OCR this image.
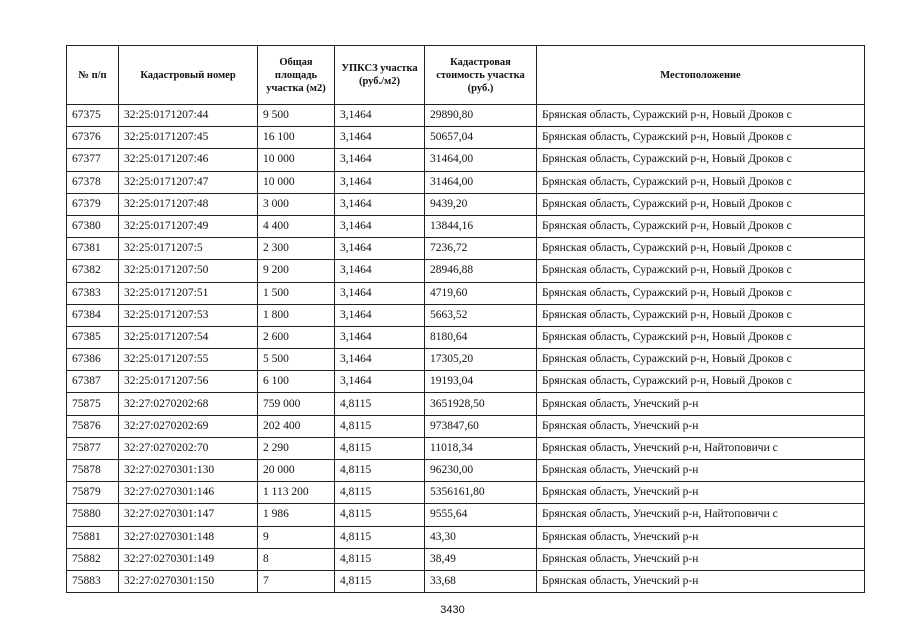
№ п/п	Кадастровый номер	Общая площадь участка (м2)	УПКСЗ участка (руб./м2)	Кадастровая стоимость участка (руб.)	Местоположение
67375	32:25:0171207:44	9 500	3,1464	29890,80	Брянская область, Суражский р-н, Новый Дроков с
67376	32:25:0171207:45	16 100	3,1464	50657,04	Брянская область, Суражский р-н, Новый Дроков с
67377	32:25:0171207:46	10 000	3,1464	31464,00	Брянская область, Суражский р-н, Новый Дроков с
67378	32:25:0171207:47	10 000	3,1464	31464,00	Брянская область, Суражский р-н, Новый Дроков с
67379	32:25:0171207:48	3 000	3,1464	9439,20	Брянская область, Суражский р-н, Новый Дроков с
67380	32:25:0171207:49	4 400	3,1464	13844,16	Брянская область, Суражский р-н, Новый Дроков с
67381	32:25:0171207:5	2 300	3,1464	7236,72	Брянская область, Суражский р-н, Новый Дроков с
67382	32:25:0171207:50	9 200	3,1464	28946,88	Брянская область, Суражский р-н, Новый Дроков с
67383	32:25:0171207:51	1 500	3,1464	4719,60	Брянская область, Суражский р-н, Новый Дроков с
67384	32:25:0171207:53	1 800	3,1464	5663,52	Брянская область, Суражский р-н, Новый Дроков с
67385	32:25:0171207:54	2 600	3,1464	8180,64	Брянская область, Суражский р-н, Новый Дроков с
67386	32:25:0171207:55	5 500	3,1464	17305,20	Брянская область, Суражский р-н, Новый Дроков с
67387	32:25:0171207:56	6 100	3,1464	19193,04	Брянская область, Суражский р-н, Новый Дроков с
75875	32:27:0270202:68	759 000	4,8115	3651928,50	Брянская область, Унечский р-н
75876	32:27:0270202:69	202 400	4,8115	973847,60	Брянская область, Унечский р-н
75877	32:27:0270202:70	2 290	4,8115	11018,34	Брянская область, Унечский р-н, Найтоповичи с
75878	32:27:0270301:130	20 000	4,8115	96230,00	Брянская область, Унечский р-н
75879	32:27:0270301:146	1 113 200	4,8115	5356161,80	Брянская область, Унечский р-н
75880	32:27:0270301:147	1 986	4,8115	9555,64	Брянская область, Унечский р-н, Найтоповичи с
75881	32:27:0270301:148	9	4,8115	43,30	Брянская область, Унечский р-н
75882	32:27:0270301:149	8	4,8115	38,49	Брянская область, Унечский р-н
75883	32:27:0270301:150	7	4,8115	33,68	Брянская область, Унечский р-н
3430
